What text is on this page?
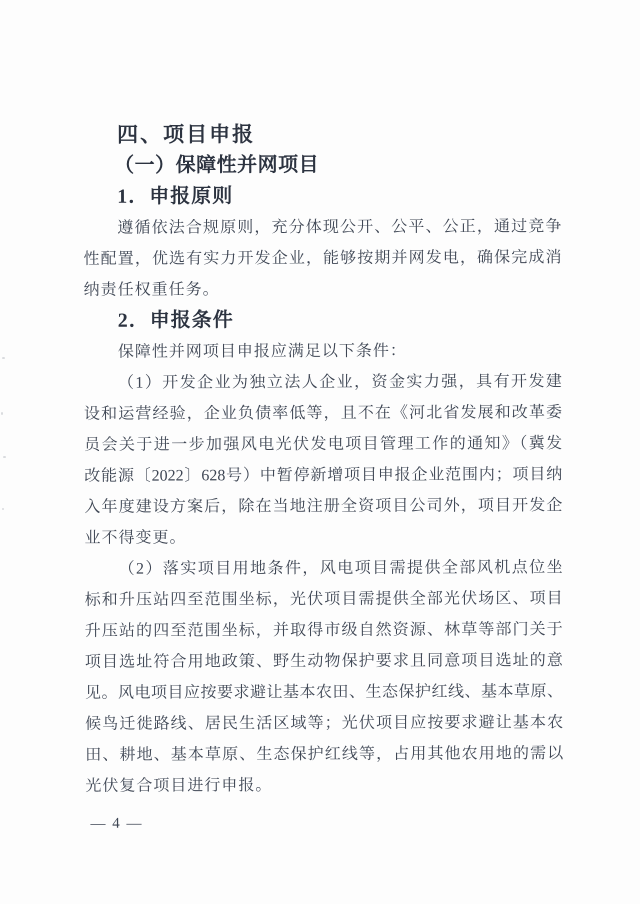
四、项目申报
（一）保障性并网项目
1．申报原则
遵循依法合规原则，充分体现公开、公平、公正，通过竞争
性配置，优选有实力开发企业，能够按期并网发电，确保完成消
纳责任权重任务。
2．申报条件
保障性并网项目申报应满足以下条件：
（1）开发企业为独立法人企业，资金实力强，具有开发建
设和运营经验，企业负债率低等，且不在《河北省发展和改革委
员会关于进一步加强风电光伏发电项目管理工作的通知》（冀发
改能源〔2022〕628号）中暂停新增项目申报企业范围内；项目纳
入年度建设方案后，除在当地注册全资项目公司外，项目开发企
业不得变更。
（2）落实项目用地条件，风电项目需提供全部风机点位坐
标和升压站四至范围坐标，光伏项目需提供全部光伏场区、项目
升压站的四至范围坐标，并取得市级自然资源、林草等部门关于
项目选址符合用地政策、野生动物保护要求且同意项目选址的意
见。风电项目应按要求避让基本农田、生态保护红线、基本草原、
候鸟迁徙路线、居民生活区域等；光伏项目应按要求避让基本农
田、耕地、基本草原、生态保护红线等，占用其他农用地的需以
光伏复合项目进行申报。
— 4 —
